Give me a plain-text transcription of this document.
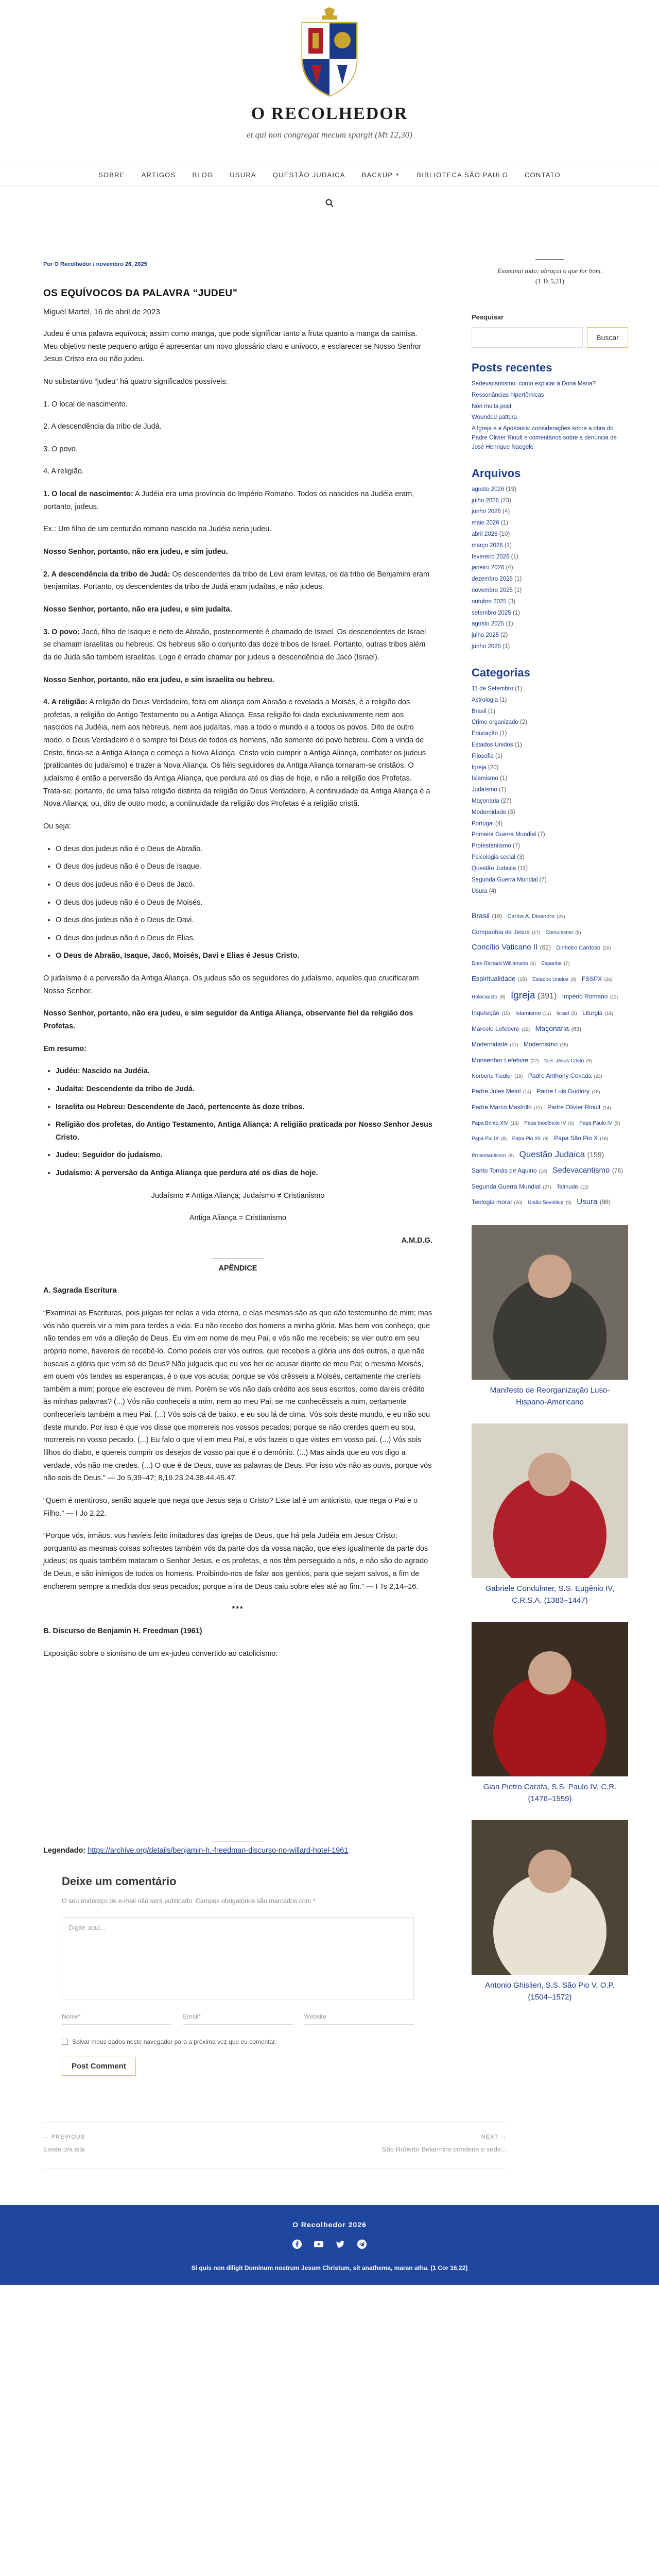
O RECOLHEDOR
et qui non congregat mecum spargit (Mt 12,30)
SOBRE ARTIGOS BLOG USURA QUESTÃO JUDAICA BACKUP ▼ BIBLIOTECA SÃO PAULO CONTATO
Por O Recolhedor / novembro 26, 2025
OS EQUÍVOCOS DA PALAVRA “JUDEU”
Miguel Martel, 16 de abril de 2023

Judeu é uma palavra equívoca; assim como manga, que pode significar tanto a fruta quanto a manga da camisa. Meu objetivo neste pequeno artigo é apresentar um novo glossário claro e unívoco, e esclarecer se Nosso Senhor Jesus Cristo era ou não judeu.

No substantivo “judeu” há quatro significados possíveis:

1. O local de nascimento.

2. A descendência da tribo de Judá.

3. O povo.

4. A religião.

1. O local de nascimento: A Judéia era uma província do Império Romano. Todos os nascidos na Judéia eram, portanto, judeus.

Ex.: Um filho de um centurião romano nascido na Judéia seria judeu.

Nosso Senhor, portanto, não era judeu, e sim judeu.

2. A descendência da tribo de Judá: Os descendentes da tribo de Levi eram levitas, os da tribo de Benjamim eram benjamitas. Portanto, os descendentes da tribo de Judá eram judaítas, e não judeus.

Nosso Senhor, portanto, não era judeu, e sim judaíta.

3. O povo: Jacó, filho de Isaque e neto de Abraão, posteriormente é chamado de Israel. Os descendentes de Israel se chamam israelitas ou hebreus. Os hebreus são o conjunto das doze tribos de Israel. Portanto, outras tribos além da de Judá são também israelitas. Logo é errado chamar por judeus a descendência de Jacó (Israel).

Nosso Senhor, portanto, não era judeu, e sim israelita ou hebreu.

4. A religião: A religião do Deus Verdadeiro, feita em aliança com Abraão e revelada a Moisés, é a religião dos profetas, a religião do Antigo Testamento ou a Antiga Aliança. Essa religião foi dada exclusivamente nem aos nascidos na Judéia, nem aos hebreus, nem aos judaítas, mas a todo o mundo e a todos os povos. Dito de outro modo, o Deus Verdadeiro é o sempre foi Deus de todos os homens, não somente do povo hebreu. Com a vinda de Cristo, finda-se a Antiga Aliança e começa a Nova Aliança. Cristo veio cumprir a Antiga Aliança, combater os judeus (praticantes do judaísmo) e trazer a Nova Aliança. Os fiéis seguidores da Antiga Aliança tornaram-se cristãos. O judaísmo é então a perversão da Antiga Aliança, que perdura até os dias de hoje, e não a religião dos Profetas. Trata-se, portanto, de uma falsa religião distinta da religião do Deus Verdadeiro. A continuidade da Antiga Aliança é a Nova Aliança, ou, dito de outro modo, a continuidade da religião dos Profetas é a religião cristã.

Ou seja:

• O deus dos judeus não é o Deus de Abraão.
• O deus dos judeus não é o Deus de Isaque.
• O deus dos judeus não é o Deus de Jacó.
• O deus dos judeus não é o Deus de Moisés.
• O deus dos judeus não é o Deus de Davi.
• O deus dos judeus não é o Deus de Elias.
• O Deus de Abraão, Isaque, Jacó, Moisés, Davi e Elias é Jesus Cristo.

O judaísmo é a perversão da Antiga Aliança. Os judeus são os seguidores do judaísmo, aqueles que crucificaram Nosso Senhor.

Nosso Senhor, portanto, não era judeu, e sim seguidor da Antiga Aliança, observante fiel da religião dos Profetas.

Em resumo:

• Judéu: Nascido na Judéia.
• Judaíta: Descendente da tribo de Judá.
• Israelita ou Hebreu: Descendente de Jacó, pertencente às doze tribos.
• Religião dos profetas, do Antigo Testamento, Antiga Aliança: A religião praticada por Nosso Senhor Jesus Cristo.
• Judeu: Seguidor do judaísmo.
• Judaísmo: A perversão da Antiga Aliança que perdura até os dias de hoje.

Judaísmo ≠ Antiga Aliança; Judaísmo ≠ Cristianismo

Antiga Aliança = Cristianismo

A.M.D.G.

APÊNDICE

A. Sagrada Escritura

“Examinai as Escrituras, pois julgais ter nelas a vida eterna, e elas mesmas são as que dão testemunho de mim; mas vós não quereis vir a mim para terdes a vida. Eu não recebo dos homens a minha glória. Mas bem vos conheço, que não tendes em vós a dileção de Deus. Eu vim em nome de meu Pai, e vós não me recebeis; se vier outro em seu próprio nome, havereis de recebê-lo. Como podeis crer vós outros, que recebeis a glória uns dos outros, e que não buscais a glória que vem só de Deus? Não julgueis que eu vos hei de acusar diante de meu Pai; o mesmo Moisés, em quem vós tendes as esperanças, é o que vos acusa; porque se vós crêsseis a Moisés, certamente me creríeis também a mim; porque ele escreveu de mim. Porém se vós não dais crédito aos seus escritos, como dareis crédito às minhas palavras? (...) Vós não conheceis a mim, nem ao meu Pai; se me conhecêsseis a mim, certamente conheceríeis também a meu Pai. (...) Vós sois cá de baixo, e eu sou lá de cima. Vós sois deste mundo, e eu não sou deste mundo. Por isso é que vos disse que morrereis nos vossos pecados; porque se não crerdes quem eu sou, morrereis no vosso pecado. (...) Eu falo o que vi em meu Pai, e vós fazeis o que vistes em vosso pai. (...) Vós sois filhos do diabo, e quereis cumprir os desejos de vosso pai que é o demônio. (...) Mas ainda que eu vos digo a verdade, vós não me credes. (...) O que é de Deus, ouve as palavras de Deus. Por isso vós não as ouvis, porque vós não sois de Deus.” — Jo 5,39–47; 8,19.23.24.38.44.45.47.

“Quem é mentiroso, senão aquele que nega que Jesus seja o Cristo? Este tal é um anticristo, que nega o Pai e o Filho.” — I Jo 2,22.

“Porque vós, irmãos, vos havíeis feito imitadores das igrejas de Deus, que há pela Judéia em Jesus Cristo; porquanto as mesmas coisas sofrestes também vós da parte dos da vossa nação, que eles igualmente da parte dos judeus; os quais também mataram o Senhor Jesus, e os profetas, e nos têm perseguido a nós, e não são do agrado de Deus, e são inimigos de todos os homens. Proibindo-nos de falar aos gentios, para que sejam salvos, a fim de encherem sempre a medida dos seus pecados; porque a ira de Deus caiu sobre eles até ao fim.” — I Ts 2,14–16.

***

B. Discurso de Benjamin H. Freedman (1961)

Exposição sobre o sionismo de um ex-judeu convertido ao catolicismo:

Legendado: https://archive.org/details/benjamin-h.-freedman-discurso-no-willard-hotel-1961

Deixe um comentário

O seu endereço de e-mail não será publicado. Campos obrigatórios são marcados com *

Digite aqui...
Nome*	Email*	Website
Salvar meus dados neste navegador para a próxima vez que eu comentar.
Post Comment
← PREVIOUS
Existe o/a isla
NEXT →
São Roberto Belarmino condena o sede...
Examinai tudo; abraçai o que for bom.
(1 Ts 5,21)
Pesquisar
Buscar
Posts recentes
Sedevacantismo: como explicar à Dona Maria?
Ressonâncias hipertômicas
Non multa post
Wounded pattera
A Igreja e a Apostasia: considerações sobre a obra do Padre Olivier Rioult e comentários sobre a denúncia de José Henrique Naegele
Arquivos
agosto 2026 (19)
julho 2026 (23)
junho 2026 (4)
maio 2026 (1)
abril 2026 (10)
março 2026 (1)
fevereiro 2026 (1)
janeiro 2026 (4)
dezembro 2025 (1)
novembro 2025 (1)
outubro 2025 (3)
setembro 2025 (1)
agosto 2025 (1)
julho 2025 (2)
junho 2025 (1)
Categorias
11 de Setembro (1)
Astrologia (1)
Brasil (1)
Crime organizado (2)
Educação (1)
Estados Unidos (1)
Filosofia (1)
Igreja (20)
Islamismo (1)
Judaísmo (1)
Maçonaria (27)
Modernidade (3)
Portugal (4)
Primeira Guerra Mundial (7)
Protestantismo (7)
Psicologia social (3)
Questão Judaica (11)
Segunda Guerra Mundial (7)
Usura (4)
Brasil (19) Carlos A. Disandro (23) Companhia de Jesus (17) Comunismo (8) Concílio Vaticano II (62) Dinheiro Cardoso (20) Dom Richard Williamson (6) Espanha (7) Espiritualidade (19) Estados Unidos (8) FSSPX (26) Holocausto (8) Igreja (391) Império Romano (11) Inquisição (15) Islamismo (11) Israel (5) Liturgia (18) Marcelo Lefebvre (22) Maçonaria (63) Modernidade (17) Modernismo (15) Monsenhor Lefebvre (27) N.S. Jesus Cristo (9) Norberto Tiedler (19) Padre Anthony Cekada (23) Padre Jules Meinl (14) Padre Luis Gudiory (18) Padre Marco Mastrillo (11) Padre Olivier Rioult (14) Papa Bento XIV (13) Papa Inocêncio IV (6) Papa Paulo IV (9) Papa Pio IX (8) Papa Pio XII (9) Papa São Pio X (16) Protestantismo (6) Questão Judaica (159) Santo Tomás de Aquino (18) Sedevacantismo (76) Segunda Guerra Mundial (27) Talmude (12) Teologia moral (20) União Soviética (9) Usura (98)
Manifesto de Reorganização Luso-Hispano-Americano
Gabriele Condulmer, S.S. Eugênio IV, C.R.S.A. (1383–1447)
Gian Pietro Carafa, S.S. Paulo IV, C.R. (1476–1559)
Antonio Ghislieri, S.S. São Pio V, O.P. (1504–1572)
O Recolhedor 2026
Si quis non diligit Dominum nostrum Jesum Christum, sit anathema, maran atha. (1 Cor 16,22)
